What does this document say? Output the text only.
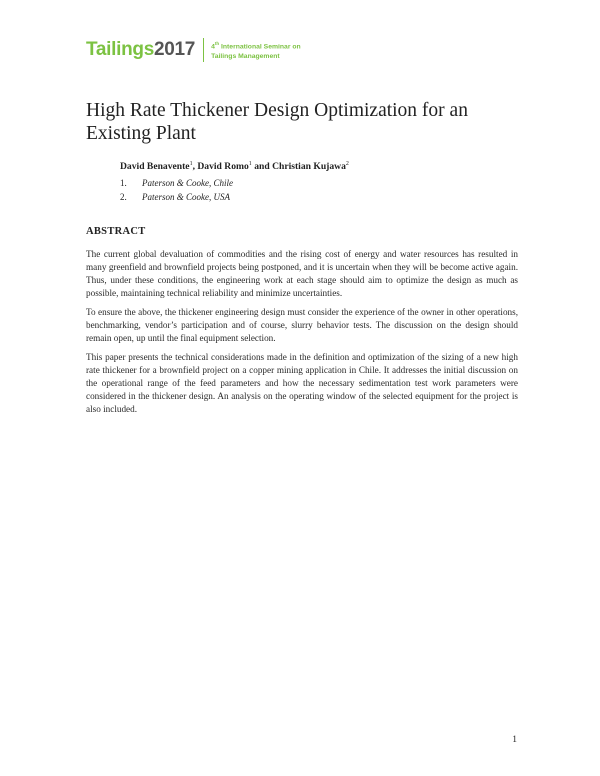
Tailings2017 4th International Seminar on
Tailings Management
High Rate Thickener Design Optimization for an Existing Plant
David Benavente$^1$, David Romo$^1$ and Christian Kujawa$^2$
1.	Paterson & Cooke, Chile
2.	Paterson & Cooke, USA
ABSTRACT

The current global devaluation of commodities and the rising cost of energy and water resources has resulted in many greenfield and brownfield projects being postponed, and it is uncertain when they will be become active again. Thus, under these conditions, the engineering work at each stage should aim to optimize the design as much as possible, maintaining technical reliability and minimize uncertainties.

To ensure the above, the thickener engineering design must consider the experience of the owner in other operations, benchmarking, vendor’s participation and of course, slurry behavior tests. The discussion on the design should remain open, up until the final equipment selection.

This paper presents the technical considerations made in the definition and optimization of the sizing of a new high rate thickener for a brownfield project on a copper mining application in Chile. It addresses the initial discussion on the operational range of the feed parameters and how the necessary sedimentation test work parameters were considered in the thickener design. An analysis on the operating window of the selected equipment for the project is also included.

1
